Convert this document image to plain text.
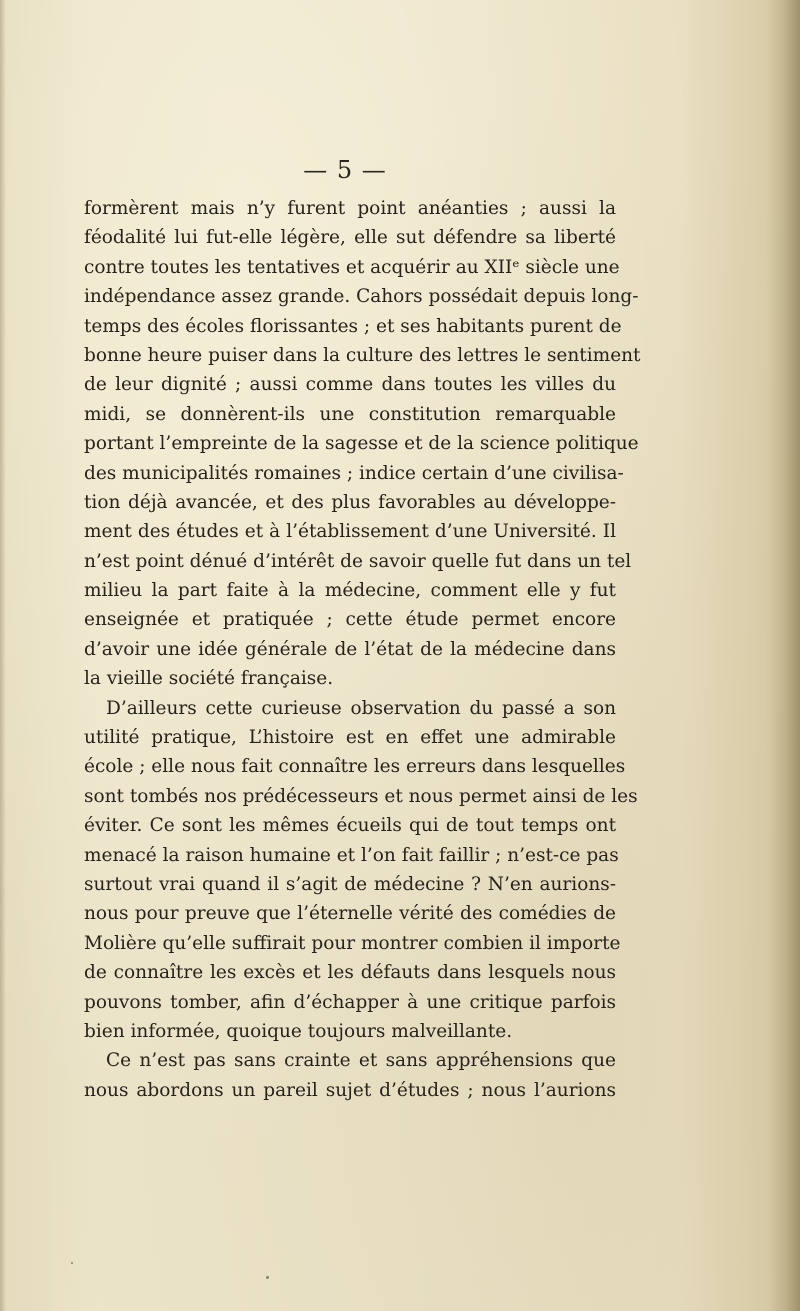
— 5 —
formèrent mais n’y furent point anéanties ; aussi la
féodalité lui fut-elle légère, elle sut défendre sa liberté
contre toutes les tentatives et acquérir au XIIᵉ siècle une
indépendance assez grande. Cahors possédait depuis long-
temps des écoles florissantes ; et ses habitants purent de
bonne heure puiser dans la culture des lettres le sentiment
de leur dignité ; aussi comme dans toutes les villes du
midi, se donnèrent-ils une constitution remarquable
portant l’empreinte de la sagesse et de la science politique
des municipalités romaines ; indice certain d’une civilisa-
tion déjà avancée, et des plus favorables au développe-
ment des études et à l’établissement d’une Université. Il
n’est point dénué d’intérêt de savoir quelle fut dans un tel
milieu la part faite à la médecine, comment elle y fut
enseignée et pratiquée ; cette étude permet encore
d’avoir une idée générale de l’état de la médecine dans
la vieille société française.
D’ailleurs cette curieuse observation du passé a son
utilité pratique, L’histoire est en effet une admirable
école ; elle nous fait connaître les erreurs dans lesquelles
sont tombés nos prédécesseurs et nous permet ainsi de les
éviter. Ce sont les mêmes écueils qui de tout temps ont
menacé la raison humaine et l’on fait faillir ; n’est-ce pas
surtout vrai quand il s’agit de médecine ? N’en aurions-
nous pour preuve que l’éternelle vérité des comédies de
Molière qu’elle suffirait pour montrer combien il importe
de connaître les excès et les défauts dans lesquels nous
pouvons tomber, afin d’échapper à une critique parfois
bien informée, quoique toujours malveillante.
Ce n’est pas sans crainte et sans appréhensions que
nous abordons un pareil sujet d’études ; nous l’aurions
